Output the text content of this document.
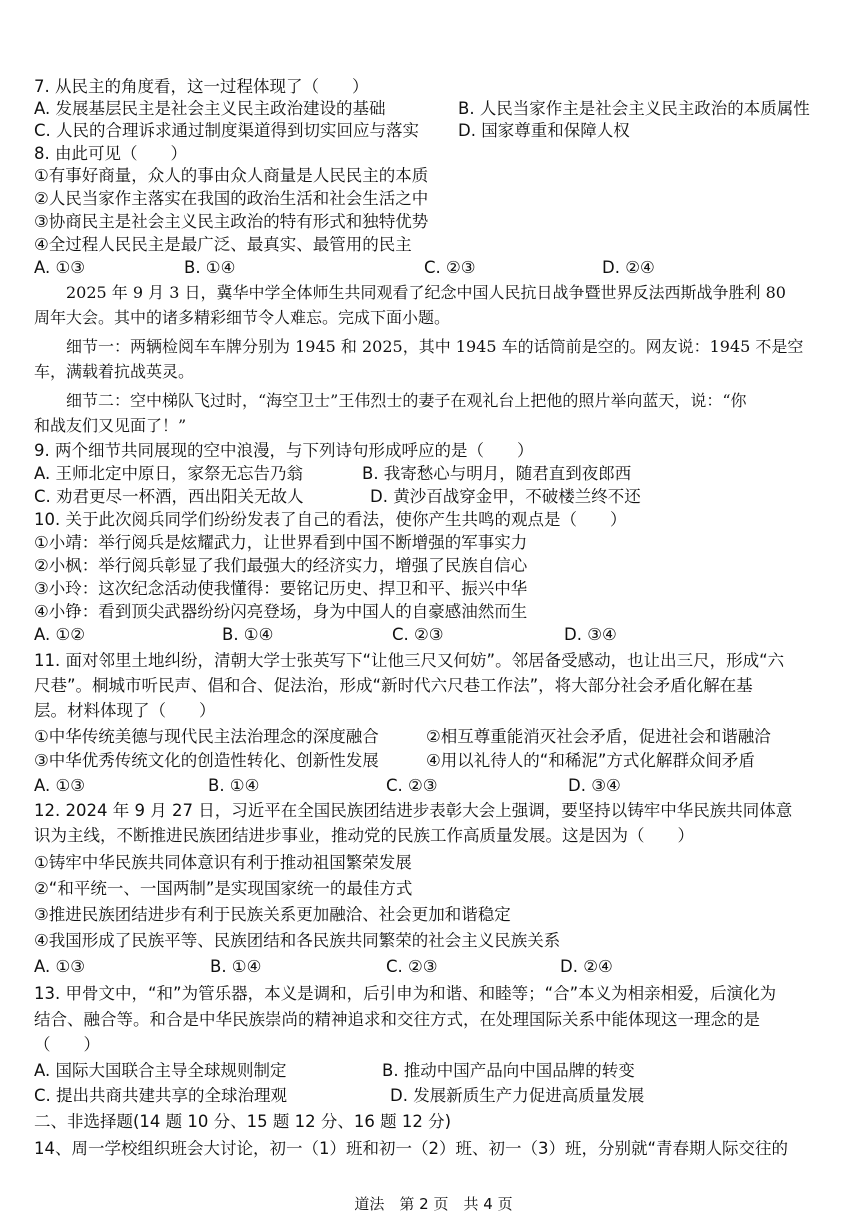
7. 从民主的角度看，这一过程体现了（　　）
A. 发展基层民主是社会主义民主政治建设的基础	B. 人民当家作主是社会主义民主政治的本质属性
C. 人民的合理诉求通过制度渠道得到切实回应与落实 D. 国家尊重和保障人权
8. 由此可见（　　）
①有事好商量，众人的事由众人商量是人民民主的本质
②人民当家作主落实在我国的政治生活和社会生活之中
③协商民主是社会主义民主政治的特有形式和独特优势
④全过程人民民主是最广泛、最真实、最管用的民主
A. ①③	B. ①④	C. ②③	D. ②④
2025 年 9 月 3 日，冀华中学全体师生共同观看了纪念中国人民抗日战争暨世界反法西斯战争胜利 80
周年大会。其中的诸多精彩细节令人难忘。完成下面小题。
细节一：两辆检阅车车牌分别为 1945 和 2025，其中 1945 车的话筒前是空的。网友说：1945 不是空
车，满载着抗战英灵。
细节二：空中梯队飞过时，“海空卫士”王伟烈士的妻子在观礼台上把他的照片举向蓝天，说：“你
和战友们又见面了！”
9. 两个细节共同展现的空中浪漫，与下列诗句形成呼应的是（　　）
A. 王师北定中原日，家祭无忘告乃翁	B. 我寄愁心与明月，随君直到夜郎西
C. 劝君更尽一杯酒，西出阳关无故人	D. 黄沙百战穿金甲，不破楼兰终不还
10. 关于此次阅兵同学们纷纷发表了自己的看法，使你产生共鸣的观点是（　　）
①小靖：举行阅兵是炫耀武力，让世界看到中国不断增强的军事实力
②小枫：举行阅兵彰显了我们最强大的经济实力，增强了民族自信心
③小玲：这次纪念活动使我懂得：要铭记历史、捍卫和平、振兴中华
④小铮：看到顶尖武器纷纷闪亮登场，身为中国人的自豪感油然而生
A. ①②	B. ①④	C. ②③	D. ③④
11. 面对邻里土地纠纷，清朝大学士张英写下“让他三尺又何妨”。邻居备受感动，也让出三尺，形成“六
尺巷”。桐城市听民声、倡和合、促法治，形成“新时代六尺巷工作法”，将大部分社会矛盾化解在基
层。材料体现了（　　）
①中华传统美德与现代民主法治理念的深度融合	②相互尊重能消灭社会矛盾，促进社会和谐融洽
③中华优秀传统文化的创造性转化、创新性发展	④用以礼待人的“和稀泥”方式化解群众间矛盾
A. ①③	B. ①④	C. ②③	D. ③④
12. 2024 年 9 月 27 日，习近平在全国民族团结进步表彰大会上强调，要坚持以铸牢中华民族共同体意
识为主线，不断推进民族团结进步事业，推动党的民族工作高质量发展。这是因为（　　）
①铸牢中华民族共同体意识有利于推动祖国繁荣发展
②“和平统一、一国两制”是实现国家统一的最佳方式
③推进民族团结进步有利于民族关系更加融洽、社会更加和谐稳定
④我国形成了民族平等、民族团结和各民族共同繁荣的社会主义民族关系
A. ①③	B. ①④	C. ②③	D. ②④
13. 甲骨文中，“和”为管乐器，本义是调和，后引申为和谐、和睦等；“合”本义为相亲相爱，后演化为
结合、融合等。和合是中华民族崇尚的精神追求和交往方式，在处理国际关系中能体现这一理念的是
（　　）
A. 国际大国联合主导全球规则制定	B. 推动中国产品向中国品牌的转变
C. 提出共商共建共享的全球治理观	D. 发展新质生产力促进高质量发展
二、非选择题(14 题 10 分、15 题 12 分、16 题 12 分)
14、周一学校组织班会大讨论，初一（1）班和初一（2）班、初一（3）班，分别就“青春期人际交往的
道法　第 2 页　共 4 页
